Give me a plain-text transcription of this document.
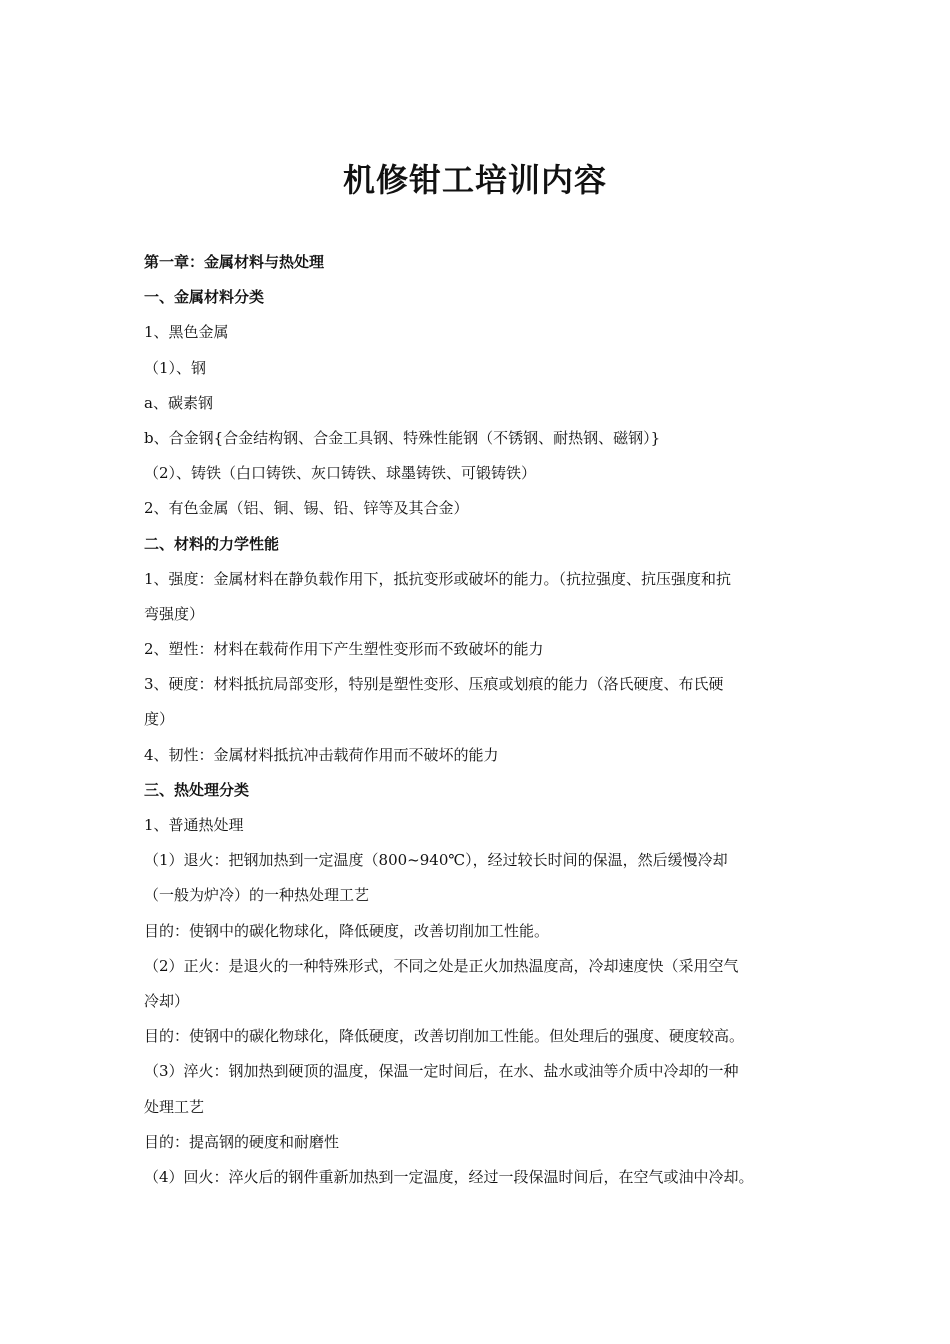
机修钳工培训内容
第一章：金属材料与热处理
一、金属材料分类
1、黑色金属
（1）、钢
a、碳素钢
b、合金钢{合金结构钢、合金工具钢、特殊性能钢（不锈钢、耐热钢、磁钢）}
（2）、铸铁（白口铸铁、灰口铸铁、球墨铸铁、可锻铸铁）
2、有色金属（铝、铜、锡、铅、锌等及其合金）
二、材料的力学性能
1、强度：金属材料在静负载作用下，抵抗变形或破坏的能力。（抗拉强度、抗压强度和抗
弯强度）
2、塑性：材料在载荷作用下产生塑性变形而不致破坏的能力
3、硬度：材料抵抗局部变形，特别是塑性变形、压痕或划痕的能力（洛氏硬度、布氏硬
度）
4、韧性：金属材料抵抗冲击载荷作用而不破坏的能力
三、热处理分类
1、普通热处理
（1）退火：把钢加热到一定温度（800~940℃），经过较长时间的保温，然后缓慢冷却
（一般为炉冷）的一种热处理工艺
目的：使钢中的碳化物球化，降低硬度，改善切削加工性能。
（2）正火：是退火的一种特殊形式，不同之处是正火加热温度高，冷却速度快（采用空气
冷却）
目的：使钢中的碳化物球化，降低硬度，改善切削加工性能。但处理后的强度、硬度较高。
（3）淬火：钢加热到硬顶的温度，保温一定时间后，在水、盐水或油等介质中冷却的一种
处理工艺
目的：提高钢的硬度和耐磨性
（4）回火：淬火后的钢件重新加热到一定温度，经过一段保温时间后，在空气或油中冷却。
